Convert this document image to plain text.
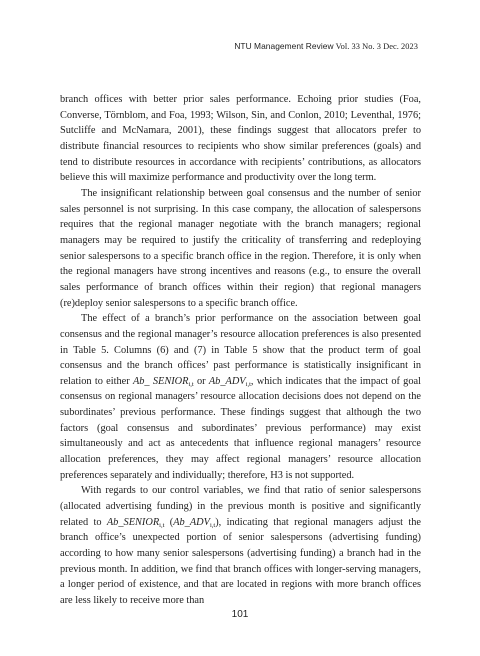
NTU Management Review Vol. 33 No. 3 Dec. 2023

branch offices with better prior sales performance. Echoing prior studies (Foa, Converse, Törnblom, and Foa, 1993; Wilson, Sin, and Conlon, 2010; Leventhal, 1976; Sutcliffe and McNamara, 2001), these findings suggest that allocators prefer to distribute financial resources to recipients who show similar preferences (goals) and tend to distribute resources in accordance with recipients’ contributions, as allocators believe this will maximize performance and productivity over the long term.

The insignificant relationship between goal consensus and the number of senior sales personnel is not surprising. In this case company, the allocation of salespersons requires that the regional manager negotiate with the branch managers; regional managers may be required to justify the criticality of transferring and redeploying senior salespersons to a specific branch office in the region. Therefore, it is only when the regional managers have strong incentives and reasons (e.g., to ensure the overall sales performance of branch offices within their region) that regional managers (re)deploy senior salespersons to a specific branch office.

The effect of a branch’s prior performance on the association between goal consensus and the regional manager’s resource allocation preferences is also presented in Table 5. Columns (6) and (7) in Table 5 show that the product term of goal consensus and the branch offices’ past performance is statistically insignificant in relation to either Ab_ $SENIOR_{i,t}$ or $Ab\_ADV_{i,t}$, which indicates that the impact of goal consensus on regional managers’ resource allocation decisions does not depend on the subordinates’ previous performance. These findings suggest that although the two factors (goal consensus and subordinates’ previous performance) may exist simultaneously and act as antecedents that influence regional managers’ resource allocation preferences, they may affect regional managers’ resource allocation preferences separately and individually; therefore, H3 is not supported.

With regards to our control variables, we find that ratio of senior salespersons (allocated advertising funding) in the previous month is positive and significantly related to $Ab\_SENIOR_{i,t}$ $(Ab\_ADV_{i,t})$, indicating that regional managers adjust the branch office’s unexpected portion of senior salespersons (advertising funding) according to how many senior salespersons (advertising funding) a branch had in the previous month. In addition, we find that branch offices with longer-serving managers, a longer period of existence, and that are located in regions with more branch offices are less likely to receive more than

101
